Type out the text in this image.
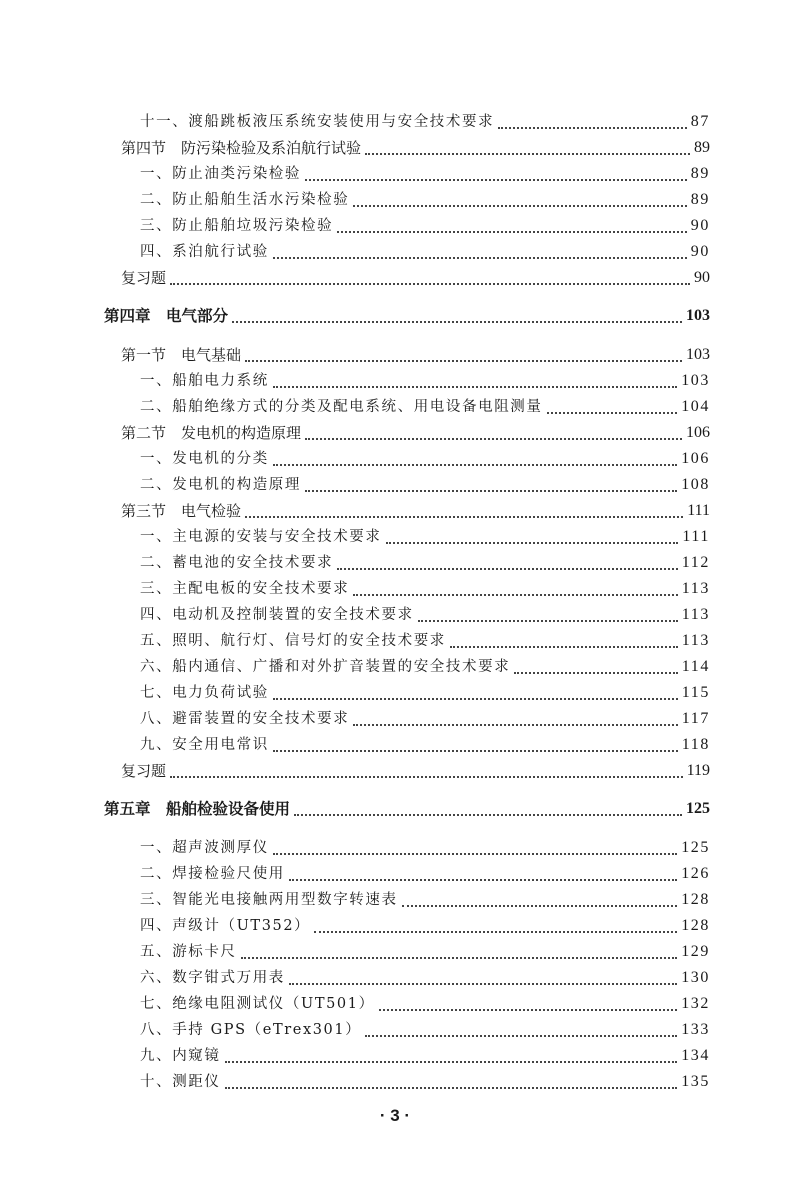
十一、渡船跳板液压系统安装使用与安全技术要求	87
第四节　防污染检验及系泊航行试验	89
一、防止油类污染检验	89
二、防止船舶生活水污染检验	89
三、防止船舶垃圾污染检验	90
四、系泊航行试验	90
复习题	90
第四章　电气部分	103
第一节　电气基础	103
一、船舶电力系统	103
二、船舶绝缘方式的分类及配电系统、用电设备电阻测量	104
第二节　发电机的构造原理	106
一、发电机的分类	106
二、发电机的构造原理	108
第三节　电气检验	111
一、主电源的安装与安全技术要求	111
二、蓄电池的安全技术要求	112
三、主配电板的安全技术要求	113
四、电动机及控制装置的安全技术要求	113
五、照明、航行灯、信号灯的安全技术要求	113
六、船内通信、广播和对外扩音装置的安全技术要求	114
七、电力负荷试验	115
八、避雷装置的安全技术要求	117
九、安全用电常识	118
复习题	119
第五章　船舶检验设备使用	125
一、超声波测厚仪	125
二、焊接检验尺使用	126
三、智能光电接触两用型数字转速表	128
四、声级计（UT352）	128
五、游标卡尺	129
六、数字钳式万用表	130
七、绝缘电阻测试仪（UT501）	132
八、手持 GPS（eTrex301）	133
九、内窥镜	134
十、测距仪	135
· 3 ·
